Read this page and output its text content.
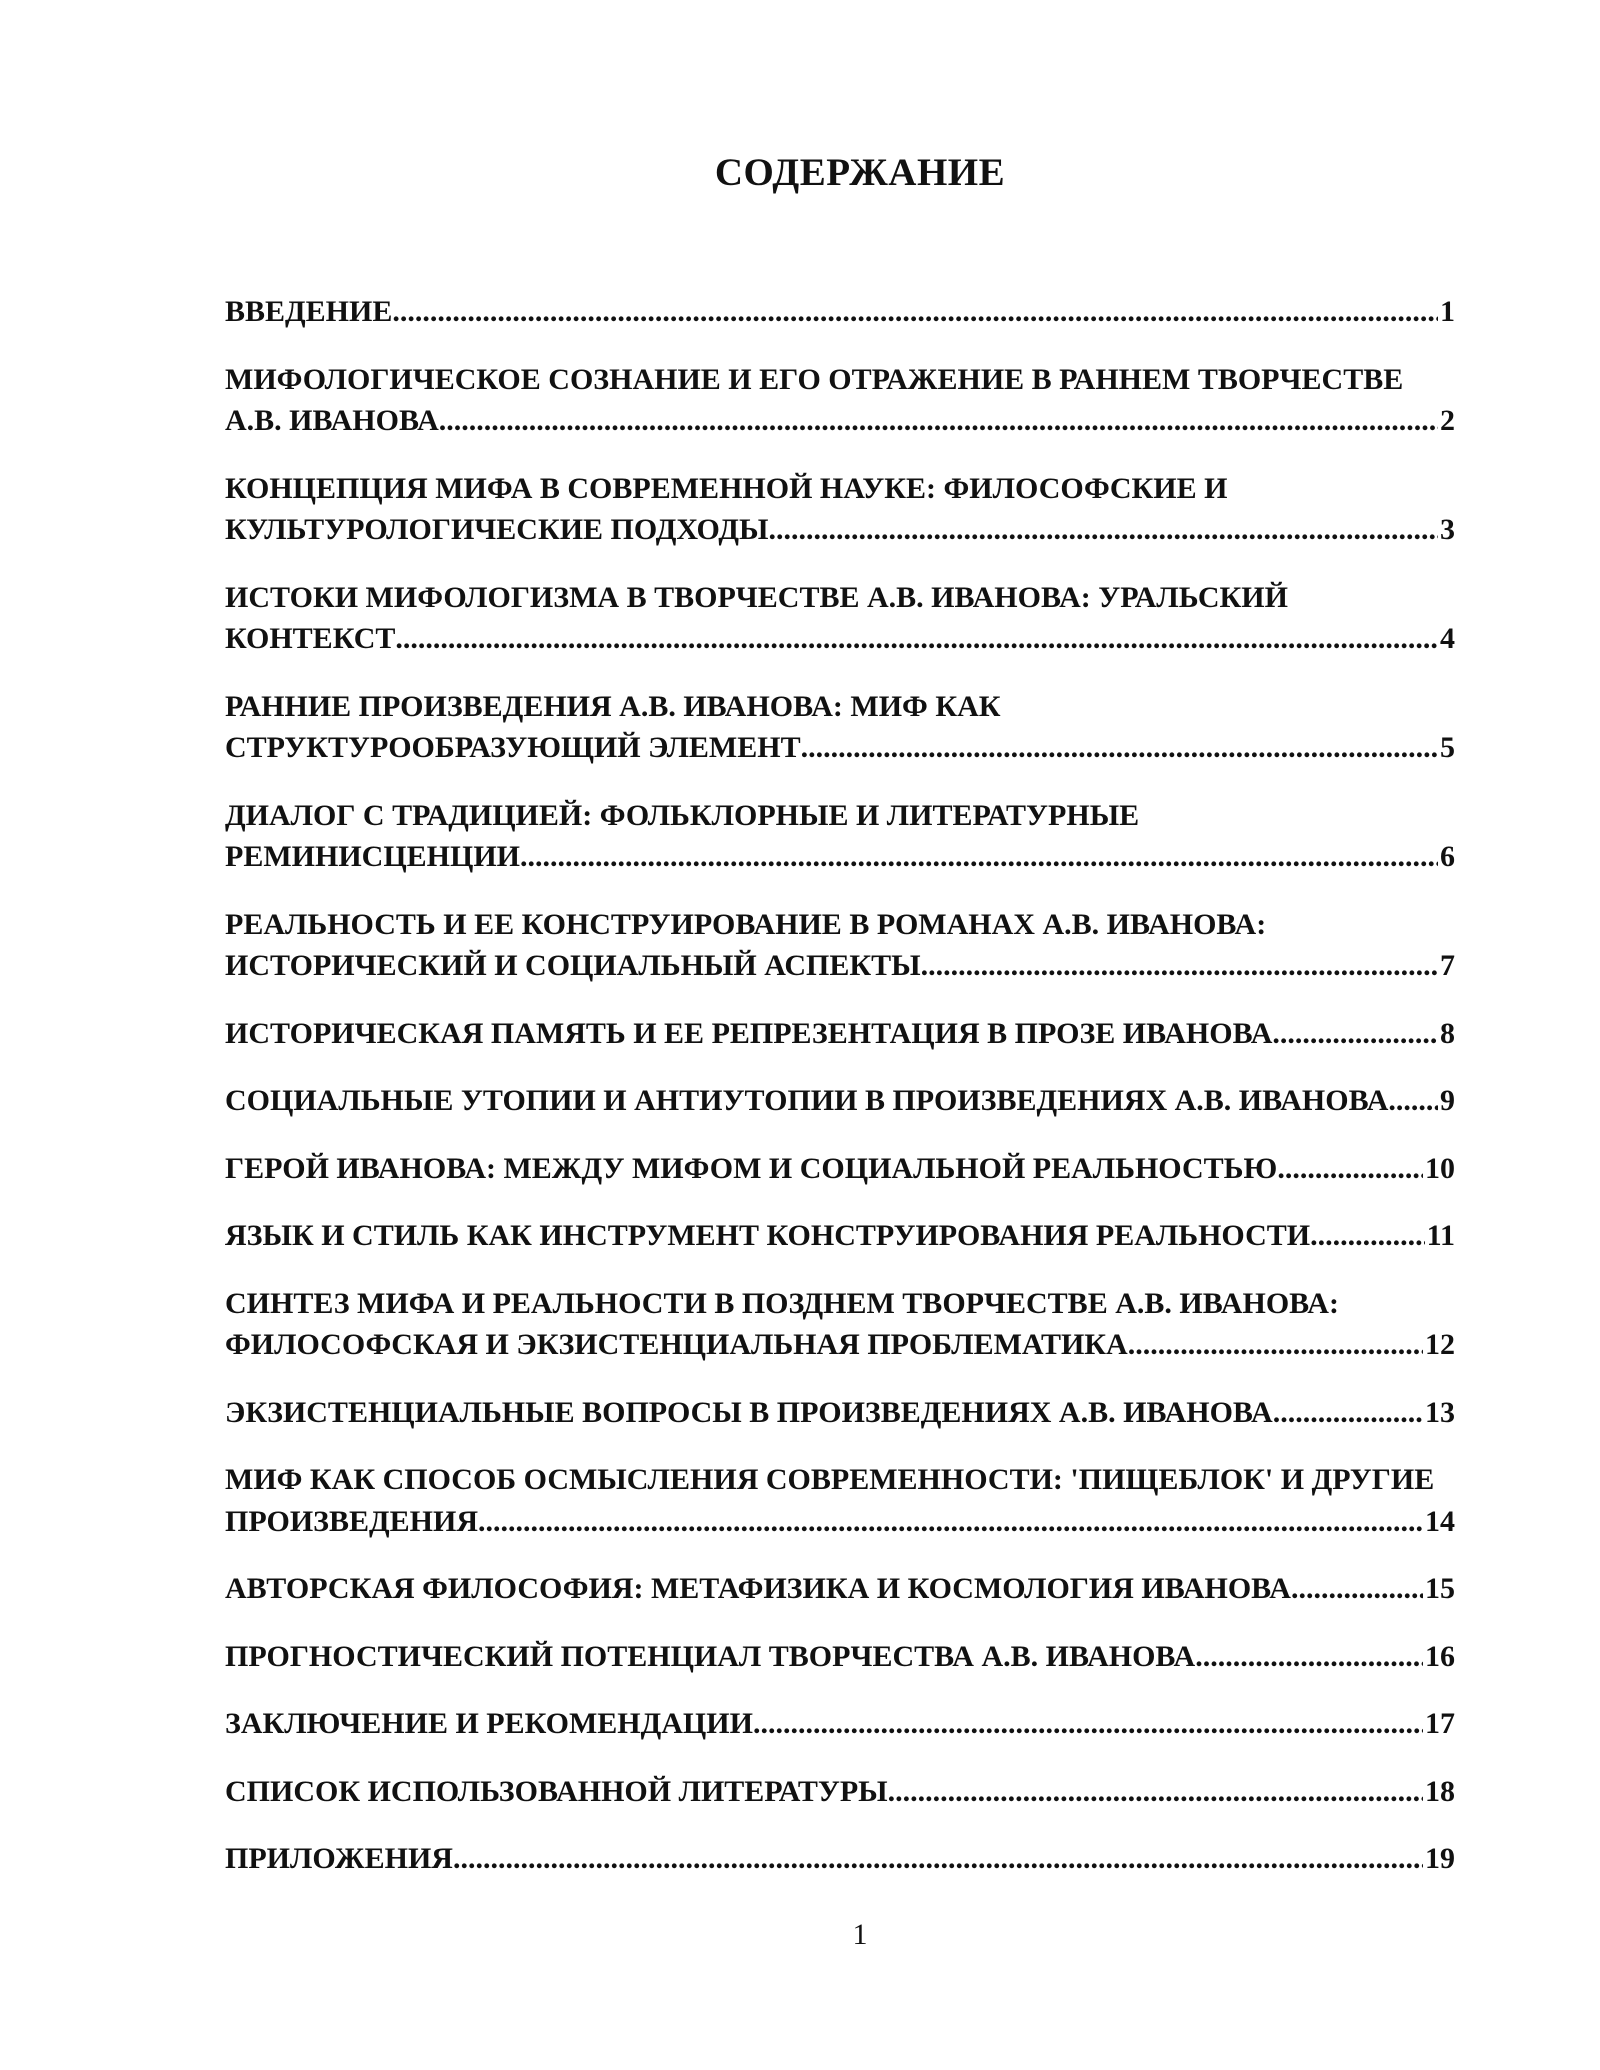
СОДЕРЖАНИЕ
ВВЕДЕНИЕ .....	1
МИФОЛОГИЧЕСКОЕ СОЗНАНИЕ И ЕГО ОТРАЖЕНИЕ В РАННЕМ ТВОРЧЕСТВЕ
А.В. ИВАНОВА .....	2
КОНЦЕПЦИЯ МИФА В СОВРЕМЕННОЙ НАУКЕ: ФИЛОСОФСКИЕ И
КУЛЬТУРОЛОГИЧЕСКИЕ ПОДХОДЫ .....	3
ИСТОКИ МИФОЛОГИЗМА В ТВОРЧЕСТВЕ А.В. ИВАНОВА: УРАЛЬСКИЙ
КОНТЕКСТ .....	4
РАННИЕ ПРОИЗВЕДЕНИЯ А.В. ИВАНОВА: МИФ КАК
СТРУКТУРООБРАЗУЮЩИЙ ЭЛЕМЕНТ .....	5
ДИАЛОГ С ТРАДИЦИЕЙ: ФОЛЬКЛОРНЫЕ И ЛИТЕРАТУРНЫЕ
РЕМИНИСЦЕНЦИИ .....	6
РЕАЛЬНОСТЬ И ЕЕ КОНСТРУИРОВАНИЕ В РОМАНАХ А.В. ИВАНОВА:
ИСТОРИЧЕСКИЙ И СОЦИАЛЬНЫЙ АСПЕКТЫ .....	7
ИСТОРИЧЕСКАЯ ПАМЯТЬ И ЕЕ РЕПРЕЗЕНТАЦИЯ В ПРОЗЕ ИВАНОВА .....	8
СОЦИАЛЬНЫЕ УТОПИИ И АНТИУТОПИИ В ПРОИЗВЕДЕНИЯХ А.В. ИВАНОВА ..... 9
ГЕРОЙ ИВАНОВА: МЕЖДУ МИФОМ И СОЦИАЛЬНОЙ РЕАЛЬНОСТЬЮ .....	10
ЯЗЫК И СТИЛЬ КАК ИНСТРУМЕНТ КОНСТРУИРОВАНИЯ РЕАЛЬНОСТИ .....	11
СИНТЕЗ МИФА И РЕАЛЬНОСТИ В ПОЗДНЕМ ТВОРЧЕСТВЕ А.В. ИВАНОВА:
ФИЛОСОФСКАЯ И ЭКЗИСТЕНЦИАЛЬНАЯ ПРОБЛЕМАТИКА .....	12
ЭКЗИСТЕНЦИАЛЬНЫЕ ВОПРОСЫ В ПРОИЗВЕДЕНИЯХ А.В. ИВАНОВА .....	13
МИФ КАК СПОСОБ ОСМЫСЛЕНИЯ СОВРЕМЕННОСТИ: 'ПИЩЕБЛОК' И ДРУГИЕ
ПРОИЗВЕДЕНИЯ .....	14
АВТОРСКАЯ ФИЛОСОФИЯ: МЕТАФИЗИКА И КОСМОЛОГИЯ ИВАНОВА .....	15
ПРОГНОСТИЧЕСКИЙ ПОТЕНЦИАЛ ТВОРЧЕСТВА А.В. ИВАНОВА .....	16
ЗАКЛЮЧЕНИЕ И РЕКОМЕНДАЦИИ .....	17
СПИСОК ИСПОЛЬЗОВАННОЙ ЛИТЕРАТУРЫ .....	18
ПРИЛОЖЕНИЯ .....	19
1
